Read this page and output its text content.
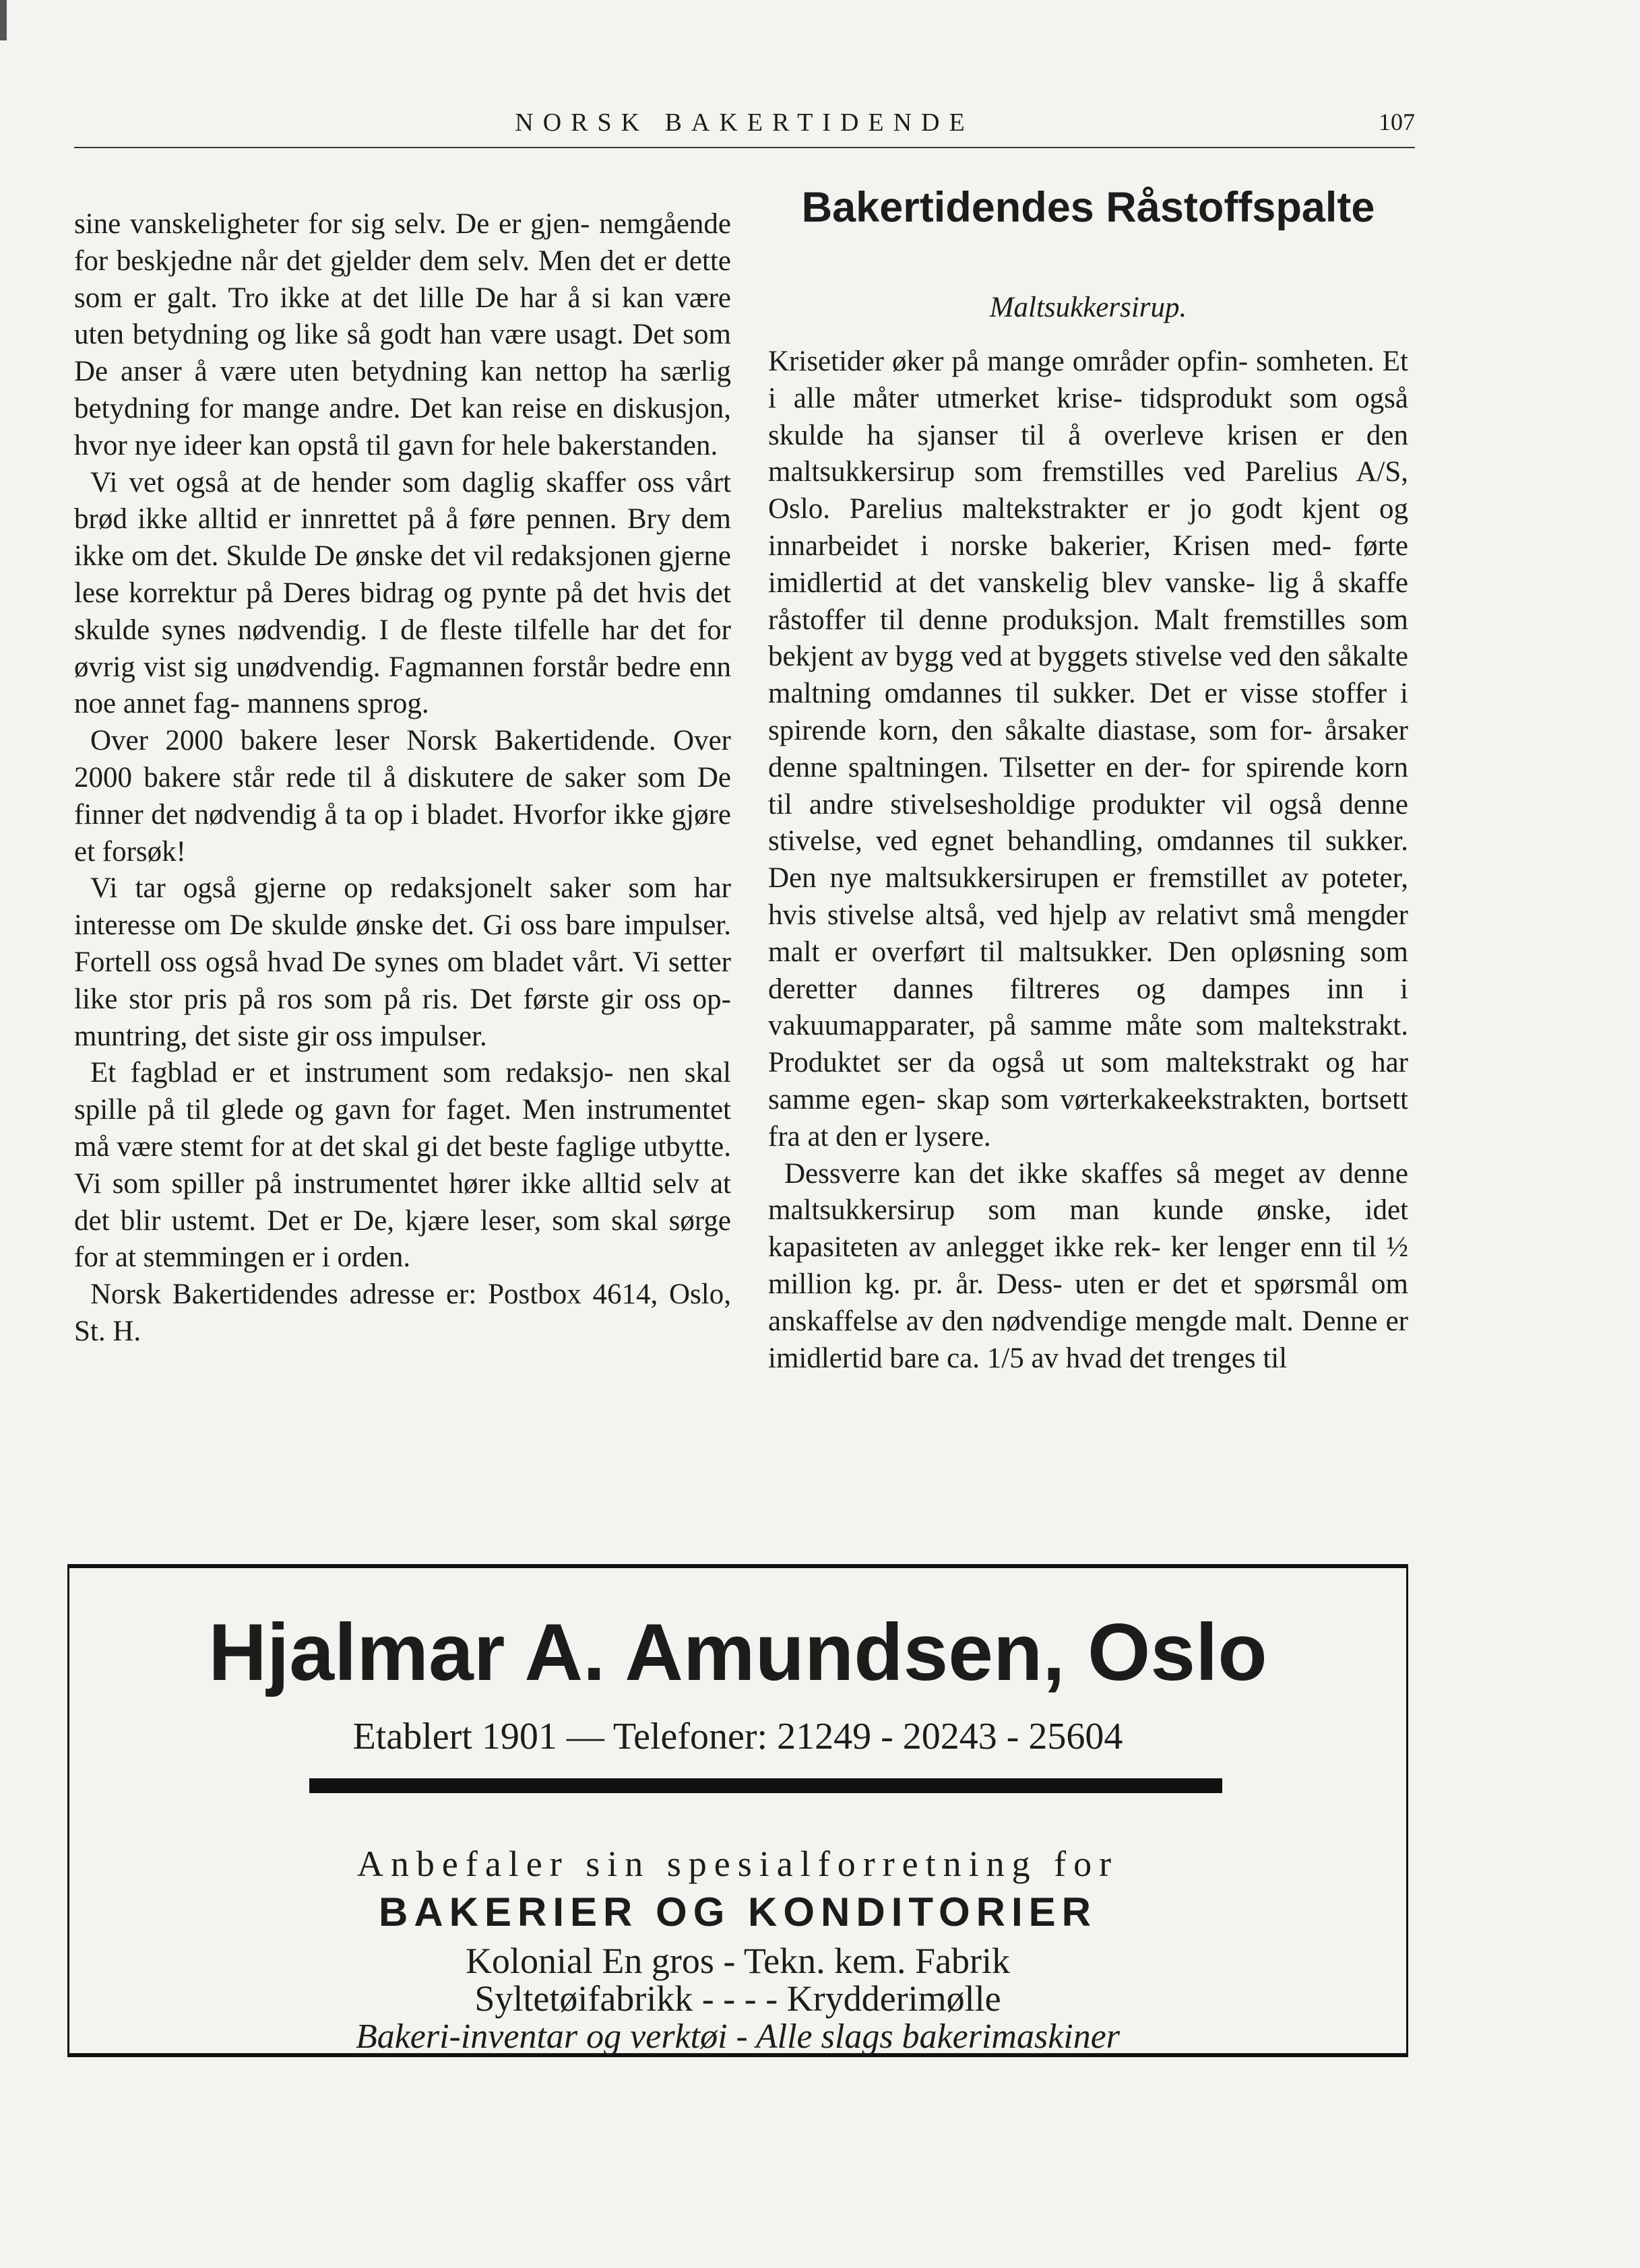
NORSK BAKERTIDENDE	107

sine vanskeligheter for sig selv. De er gjen- nemgående for beskjedne når det gjelder dem selv. Men det er dette som er galt. Tro ikke at det lille De har å si kan være uten betydning og like så godt han være usagt. Det som De anser å være uten betydning kan nettop ha særlig betydning for mange andre. Det kan reise en diskusjon, hvor nye ideer kan opstå til gavn for hele bakerstanden.

Vi vet også at de hender som daglig skaffer oss vårt brød ikke alltid er innrettet på å føre pennen. Bry dem ikke om det. Skulde De ønske det vil redaksjonen gjerne lese korrektur på Deres bidrag og pynte på det hvis det skulde synes nødvendig. I de fleste tilfelle har det for øvrig vist sig unødvendig. Fagmannen forstår bedre enn noe annet fag- mannens sprog.

Over 2000 bakere leser Norsk Bakertidende. Over 2000 bakere står rede til å diskutere de saker som De finner det nødvendig å ta op i bladet. Hvorfor ikke gjøre et forsøk!

Vi tar også gjerne op redaksjonelt saker som har interesse om De skulde ønske det. Gi oss bare impulser. Fortell oss også hvad De synes om bladet vårt. Vi setter like stor pris på ros som på ris. Det første gir oss op- muntring, det siste gir oss impulser.

Et fagblad er et instrument som redaksjo- nen skal spille på til glede og gavn for faget. Men instrumentet må være stemt for at det skal gi det beste faglige utbytte. Vi som spiller på instrumentet hører ikke alltid selv at det blir ustemt. Det er De, kjære leser, som skal sørge for at stemmingen er i orden.

Norsk Bakertidendes adresse er: Postbox 4614, Oslo, St. H.

Bakertidendes Råstoffspalte
Maltsukkersirup.

Krisetider øker på mange områder opfin- somheten. Et i alle måter utmerket krise- tidsprodukt som også skulde ha sjanser til å overleve krisen er den maltsukkersirup som fremstilles ved Parelius A/S, Oslo. Parelius maltekstrakter er jo godt kjent og innarbeidet i norske bakerier, Krisen med- førte imidlertid at det vanskelig blev vanske- lig å skaffe råstoffer til denne produksjon. Malt fremstilles som bekjent av bygg ved at byggets stivelse ved den såkalte maltning omdannes til sukker. Det er visse stoffer i spirende korn, den såkalte diastase, som for- årsaker denne spaltningen. Tilsetter en der- for spirende korn til andre stivelsesholdige produkter vil også denne stivelse, ved egnet behandling, omdannes til sukker. Den nye maltsukkersirupen er fremstillet av poteter, hvis stivelse altså, ved hjelp av relativt små mengder malt er overført til maltsukker. Den opløsning som deretter dannes filtreres og dampes inn i vakuumapparater, på samme måte som maltekstrakt. Produktet ser da også ut som maltekstrakt og har samme egen- skap som vørterkakeekstrakten, bortsett fra at den er lysere.

Dessverre kan det ikke skaffes så meget av denne maltsukkersirup som man kunde ønske, idet kapasiteten av anlegget ikke rek- ker lenger enn til ½ million kg. pr. år. Dess- uten er det et spørsmål om anskaffelse av den nødvendige mengde malt. Denne er imidlertid bare ca. 1/5 av hvad det trenges til

Hjalmar A. Amundsen, Oslo
Etablert 1901 — Telefoner: 21249 - 20243 - 25604
Anbefaler sin spesialforretning for
BAKERIER OG KONDITORIER
Kolonial En gros - Tekn. kem. Fabrik
Syltetøifabrikk - - - - Krydderimølle
Bakeri-inventar og verktøi - Alle slags bakerimaskiner
